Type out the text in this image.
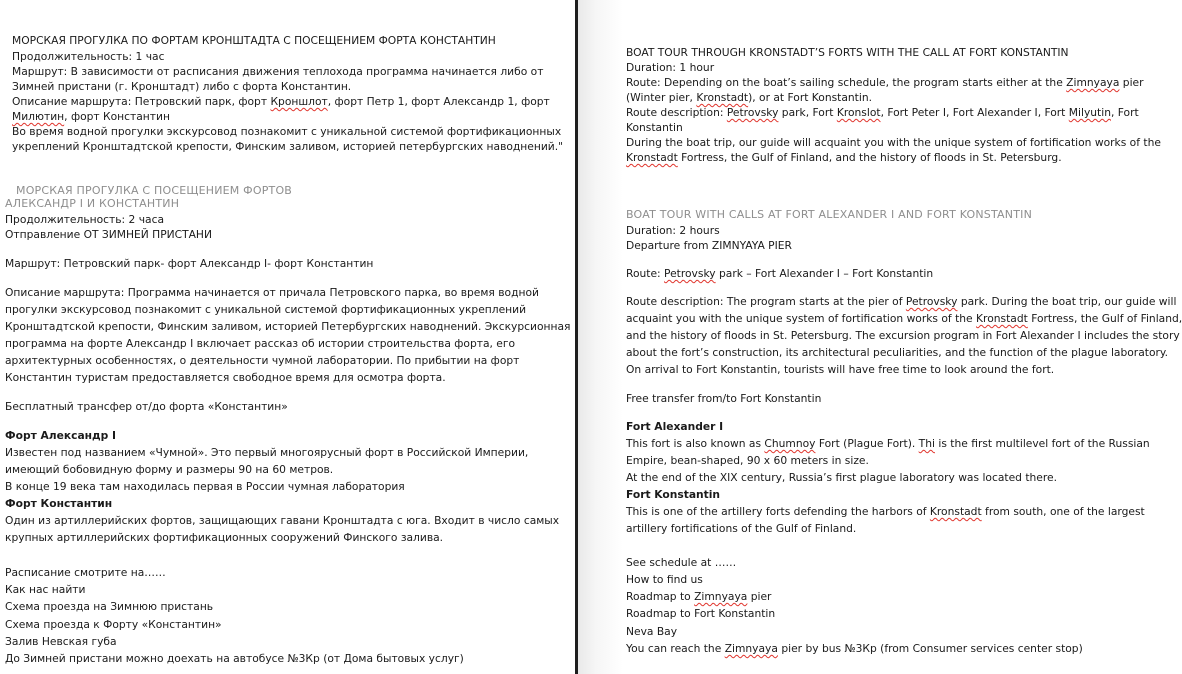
МОРСКАЯ ПРОГУЛКА ПО ФОРТАМ КРОНШТАДТА С ПОСЕЩЕНИЕМ ФОРТА КОНСТАНТИН
Продолжительность: 1 час
Маршрут: В зависимости от расписания движения теплохода программа начинается либо от
Зимней пристани (г. Кронштадт) либо с форта Константин.
Описание маршрута: Петровский парк, форт Кроншлот, форт Петр 1, форт Александр 1, форт
Милютин, форт Константин
Во время водной прогулки экскурсовод познакомит с уникальной системой фортификационных
укреплений Кронштадтской крепости, Финским заливом, историей петербургских наводнений."
МОРСКАЯ ПРОГУЛКА С ПОСЕЩЕНИЕМ ФОРТОВ
АЛЕКСАНДР I И КОНСТАНТИН
Продолжительность: 2 часа
Отправление ОТ ЗИМНЕЙ ПРИСТАНИ
Маршрут: Петровский парк- форт Александр I- форт Константин
Описание маршрута: Программа начинается от причала Петровского парка, во время водной
прогулки экскурсовод познакомит с уникальной системой фортификационных укреплений
Кронштадтской крепости, Финским заливом, историей Петербургских наводнений. Экскурсионная
программа на форте Александр I включает рассказ об истории строительства форта, его
архитектурных особенностях, о деятельности чумной лаборатории. По прибытии на форт
Константин туристам предоставляется свободное время для осмотра форта.
Бесплатный трансфер от/до форта «Константин»
Форт Александр I
Известен под названием «Чумной». Это первый многоярусный форт в Российской Империи,
имеющий бобовидную форму и размеры 90 на 60 метров.
В конце 19 века там находилась первая в России чумная лаборатория
Форт Константин
Один из артиллерийских фортов, защищающих гавани Кронштадта с юга. Входит в число самых
крупных артиллерийских фортификационных сооружений Финского залива.
Расписание смотрите на……
Как нас найти
Схема проезда на Зимнюю пристань
Схема проезда к Форту «Константин»
Залив Невская губа
До Зимней пристани можно доехать на автобусе №3Кр (от Дома бытовых услуг)
BOAT TOUR THROUGH KRONSTADT’S FORTS WITH THE CALL AT FORT KONSTANTIN
Duration: 1 hour
Route: Depending on the boat’s sailing schedule, the program starts either at the Zimnyaya pier
(Winter pier, Kronstadt), or at Fort Konstantin.
Route description: Petrovsky park, Fort Kronslot, Fort Peter I, Fort Alexander I, Fort Milyutin, Fort
Konstantin
During the boat trip, our guide will acquaint you with the unique system of fortification works of the
Kronstadt Fortress, the Gulf of Finland, and the history of floods in St. Petersburg.
BOAT TOUR WITH CALLS AT FORT ALEXANDER I AND FORT KONSTANTIN
Duration: 2 hours
Departure from ZIMNYAYA PIER
Route: Petrovsky park – Fort Alexander I – Fort Konstantin
Route description: The program starts at the pier of Petrovsky park. During the boat trip, our guide will
acquaint you with the unique system of fortification works of the Kronstadt Fortress, the Gulf of Finland,
and the history of floods in St. Petersburg. The excursion program in Fort Alexander I includes the story
about the fort’s construction, its architectural peculiarities, and the function of the plague laboratory.
On arrival to Fort Konstantin, tourists will have free time to look around the fort.
Free transfer from/to Fort Konstantin
Fort Alexander I
This fort is also known as Chumnoy Fort (Plague Fort). Thi is the first multilevel fort of the Russian
Empire, bean-shaped, 90 x 60 meters in size.
At the end of the XIX century, Russia’s first plague laboratory was located there.
Fort Konstantin
This is one of the artillery forts defending the harbors of Kronstadt from south, one of the largest
artillery fortifications of the Gulf of Finland.
See schedule at ……
How to find us
Roadmap to Zimnyaya pier
Roadmap to Fort Konstantin
Neva Bay
You can reach the Zimnyaya pier by bus №3Кр (from Consumer services center stop)
